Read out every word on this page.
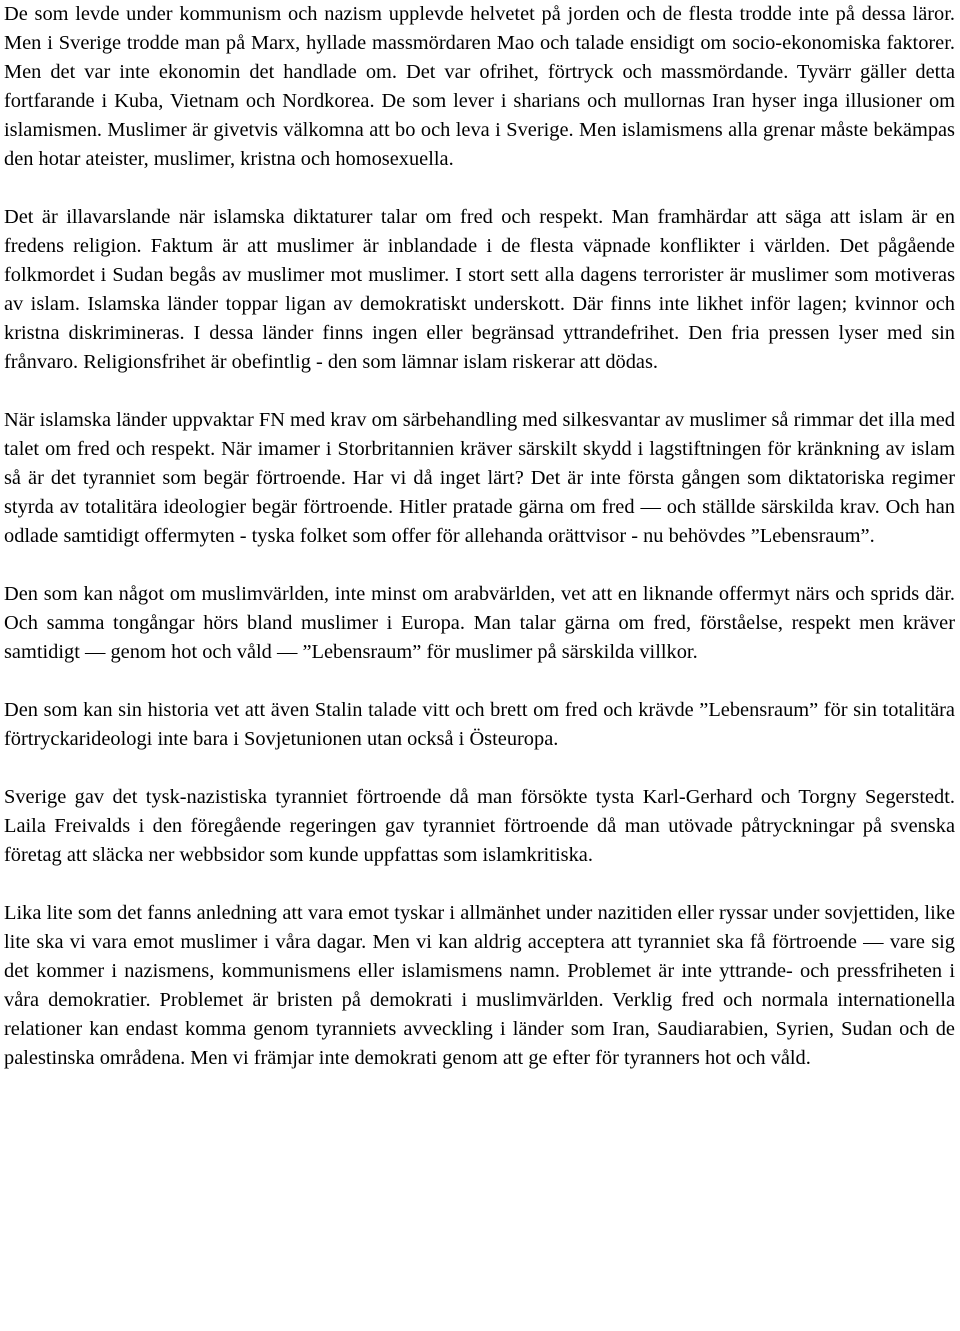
De som levde under kommunism och nazism upplevde helvetet på jorden och de flesta trodde inte på dessa läror. Men i Sverige trodde man på Marx, hyllade massmördaren Mao och talade ensidigt om socio-ekonomiska faktorer. Men det var inte ekonomin det handlade om. Det var ofrihet, förtryck och massmördande. Tyvärr gäller detta fortfarande i Kuba, Vietnam och Nordkorea. De som lever i sharians och mullornas Iran hyser inga illusioner om islamismen. Muslimer är givetvis välkomna att bo och leva i Sverige. Men islamismens alla grenar måste bekämpas den hotar ateister, muslimer, kristna och homosexuella.

Det är illavarslande när islamska diktaturer talar om fred och respekt. Man framhärdar att säga att islam är en fredens religion. Faktum är att muslimer är inblandade i de flesta väpnade konflikter i världen. Det pågående folkmordet i Sudan begås av muslimer mot muslimer. I stort sett alla dagens terrorister är muslimer som motiveras av islam. Islamska länder toppar ligan av demokratiskt underskott. Där finns inte likhet inför lagen; kvinnor och kristna diskrimineras. I dessa länder finns ingen eller begränsad yttrandefrihet. Den fria pressen lyser med sin frånvaro. Religionsfrihet är obefintlig - den som lämnar islam riskerar att dödas.

När islamska länder uppvaktar FN med krav om särbehandling med silkesvantar av muslimer så rimmar det illa med talet om fred och respekt. När imamer i Storbritannien kräver särskilt skydd i lagstiftningen för kränkning av islam så är det tyranniet som begär förtroende. Har vi då inget lärt? Det är inte första gången som diktatoriska regimer styrda av totalitära ideologier begär förtroende. Hitler pratade gärna om fred — och ställde särskilda krav. Och han odlade samtidigt offermyten - tyska folket som offer för allehanda orättvisor - nu behövdes ”Lebensraum”.

Den som kan något om muslimvärlden, inte minst om arabvärlden, vet att en liknande offermyt närs och sprids där. Och samma tongångar hörs bland muslimer i Europa. Man talar gärna om fred, förståelse, respekt men kräver samtidigt — genom hot och våld — ”Lebensraum” för muslimer på särskilda villkor.

Den som kan sin historia vet att även Stalin talade vitt och brett om fred och krävde ”Lebensraum” för sin totalitära förtryckarideologi inte bara i Sovjetunionen utan också i Östeuropa.

Sverige gav det tysk-nazistiska tyranniet förtroende då man försökte tysta Karl-Gerhard och Torgny Segerstedt. Laila Freivalds i den föregående regeringen gav tyranniet förtroende då man utövade påtryckningar på svenska företag att släcka ner webbsidor som kunde uppfattas som islamkritiska.

Lika lite som det fanns anledning att vara emot tyskar i allmänhet under nazitiden eller ryssar under sovjettiden, like lite ska vi vara emot muslimer i våra dagar. Men vi kan aldrig acceptera att tyranniet ska få förtroende — vare sig det kommer i nazismens, kommunismens eller islamismens namn. Problemet är inte yttrande- och pressfriheten i våra demokratier. Problemet är bristen på demokrati i muslimvärlden. Verklig fred och normala internationella relationer kan endast komma genom tyranniets avveckling i länder som Iran, Saudiarabien, Syrien, Sudan och de palestinska områdena. Men vi främjar inte demokrati genom att ge efter för tyranners hot och våld.
